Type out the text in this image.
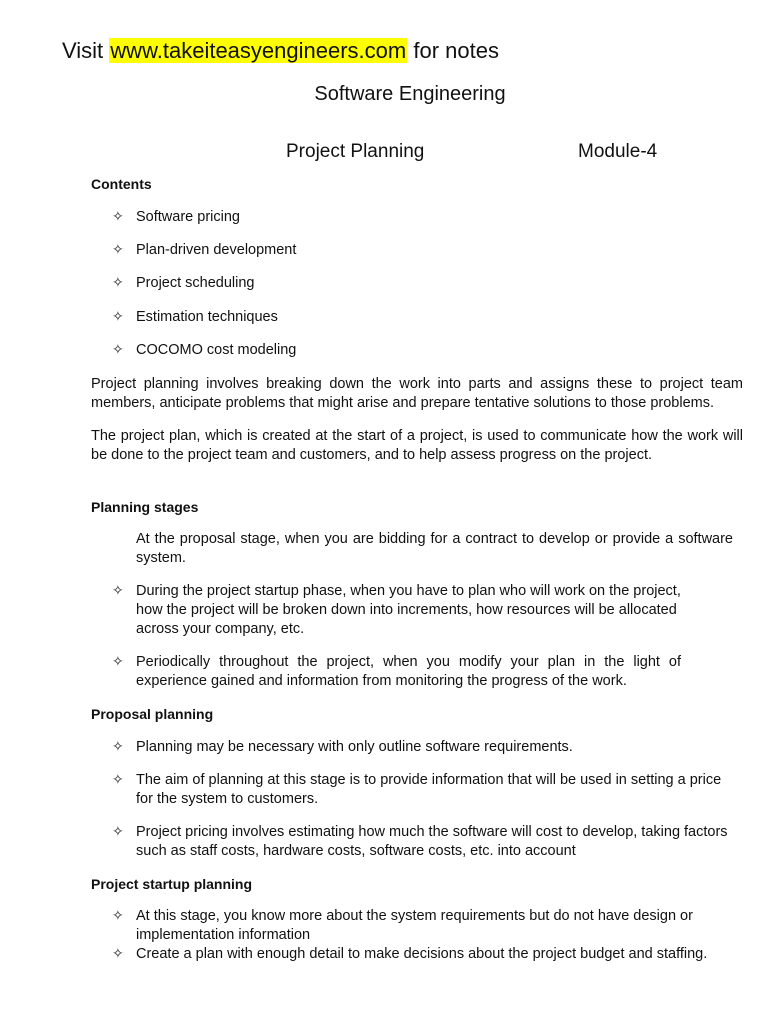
Visit www.takeiteasyengineers.com for notes
Software Engineering
Project Planning	Module-4
Contents
✧ Software pricing
✧ Plan-driven development
✧ Project scheduling
✧ Estimation techniques
✧ COCOMO cost modeling

Project planning involves breaking down the work into parts and assigns these to project team members, anticipate problems that might arise and prepare tentative solutions to those problems.

The project plan, which is created at the start of a project, is used to communicate how the work will be done to the project team and customers, and to help assess progress on the project.

Planning stages

At the proposal stage, when you are bidding for a contract to develop or provide a software system.

✧ During the project startup phase, when you have to plan who will work on the project, how the project will be broken down into increments, how resources will be allocated across your company, etc.
✧ Periodically throughout the project, when you modify your plan in the light of experience gained and information from monitoring the progress of the work.
Proposal planning
✧ Planning may be necessary with only outline software requirements.
✧ The aim of planning at this stage is to provide information that will be used in setting a price for the system to customers.
✧ Project pricing involves estimating how much the software will cost to develop, taking factors such as staff costs, hardware costs, software costs, etc. into account
Project startup planning
✧ At this stage, you know more about the system requirements but do not have design or implementation information
✧ Create a plan with enough detail to make decisions about the project budget and staffing.
